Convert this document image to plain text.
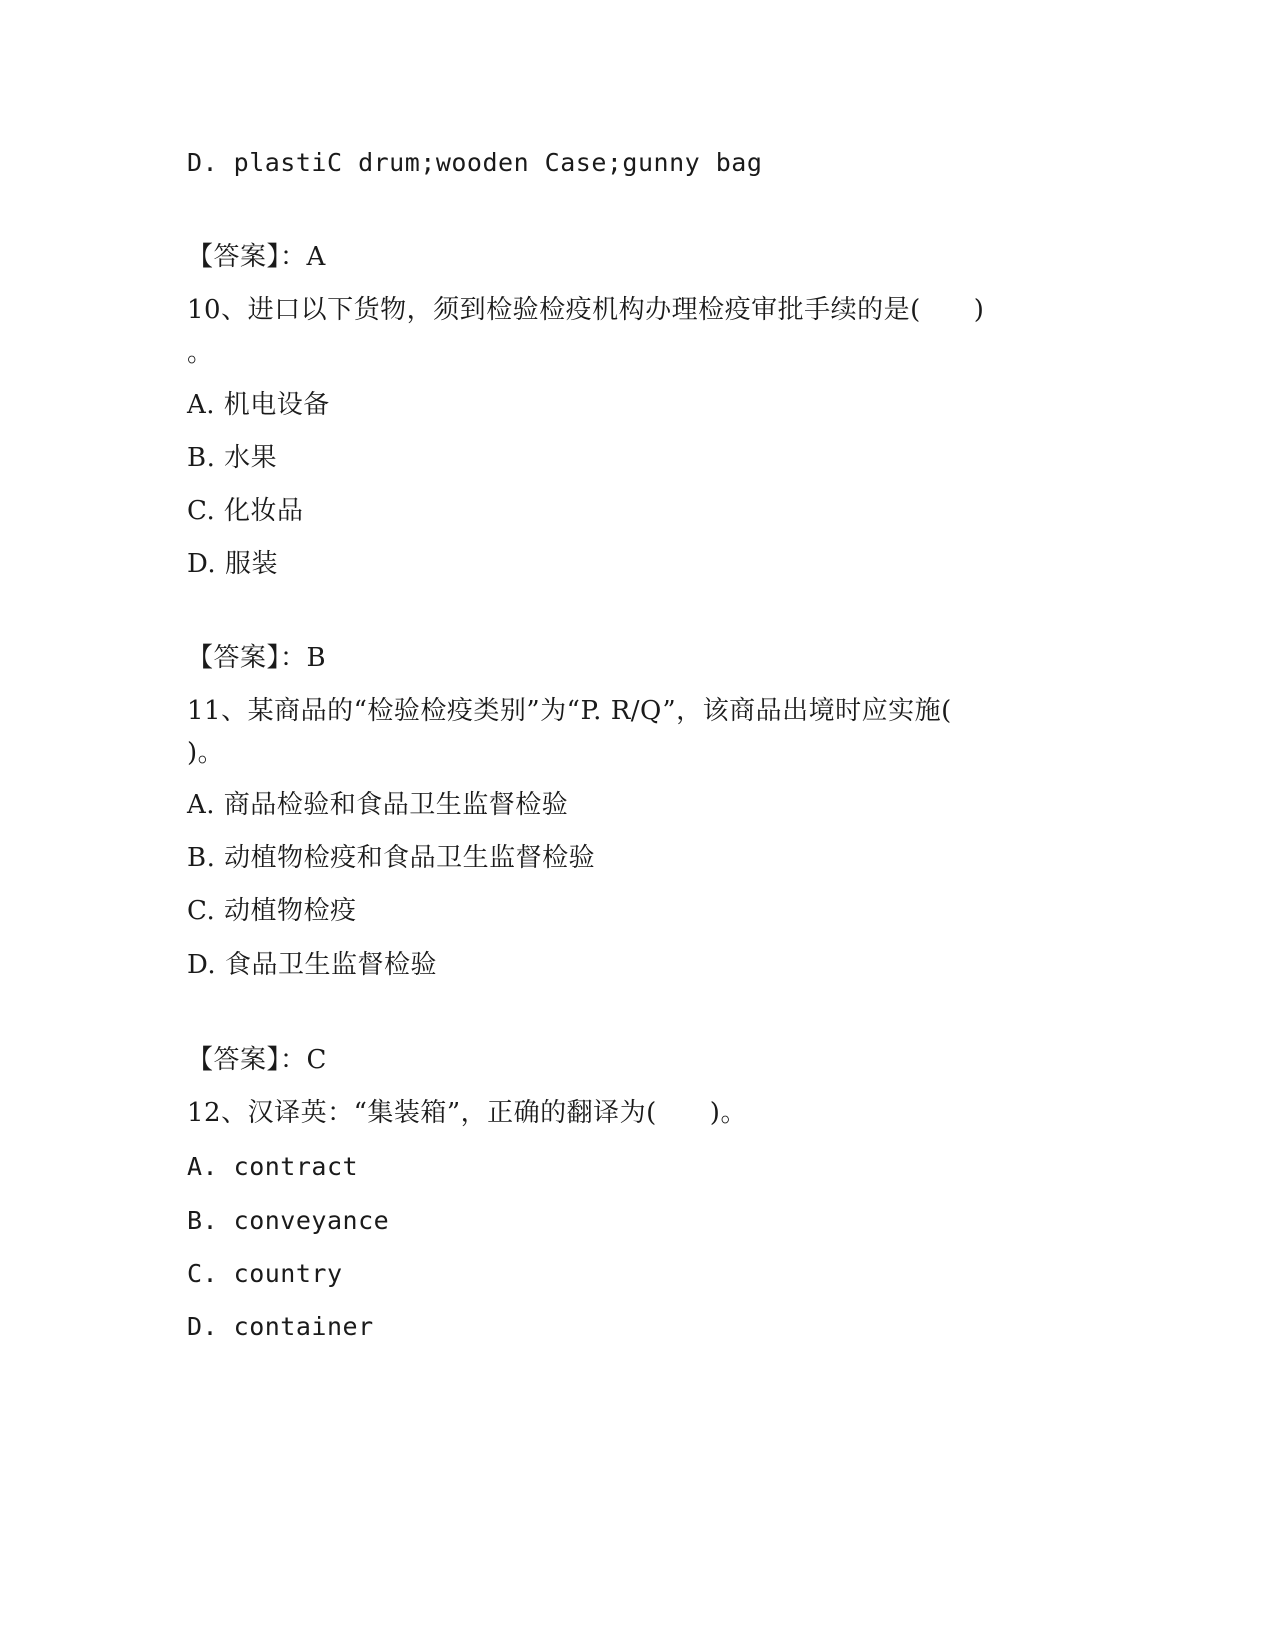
D. plastiC drum;wooden Case;gunny bag
【答案】：A
10、进口以下货物，须到检验检疫机构办理检疫审批手续的是(　　)
。
A. 机电设备
B. 水果
C. 化妆品
D. 服装
【答案】：B
11、某商品的“检验检疫类别”为“P. R/Q”，该商品出境时应实施(
)。
A. 商品检验和食品卫生监督检验
B. 动植物检疫和食品卫生监督检验
C. 动植物检疫
D. 食品卫生监督检验
【答案】：C
12、汉译英：“集装箱”，正确的翻译为(　　)。
A. contract
B. conveyance
C. country
D. container
